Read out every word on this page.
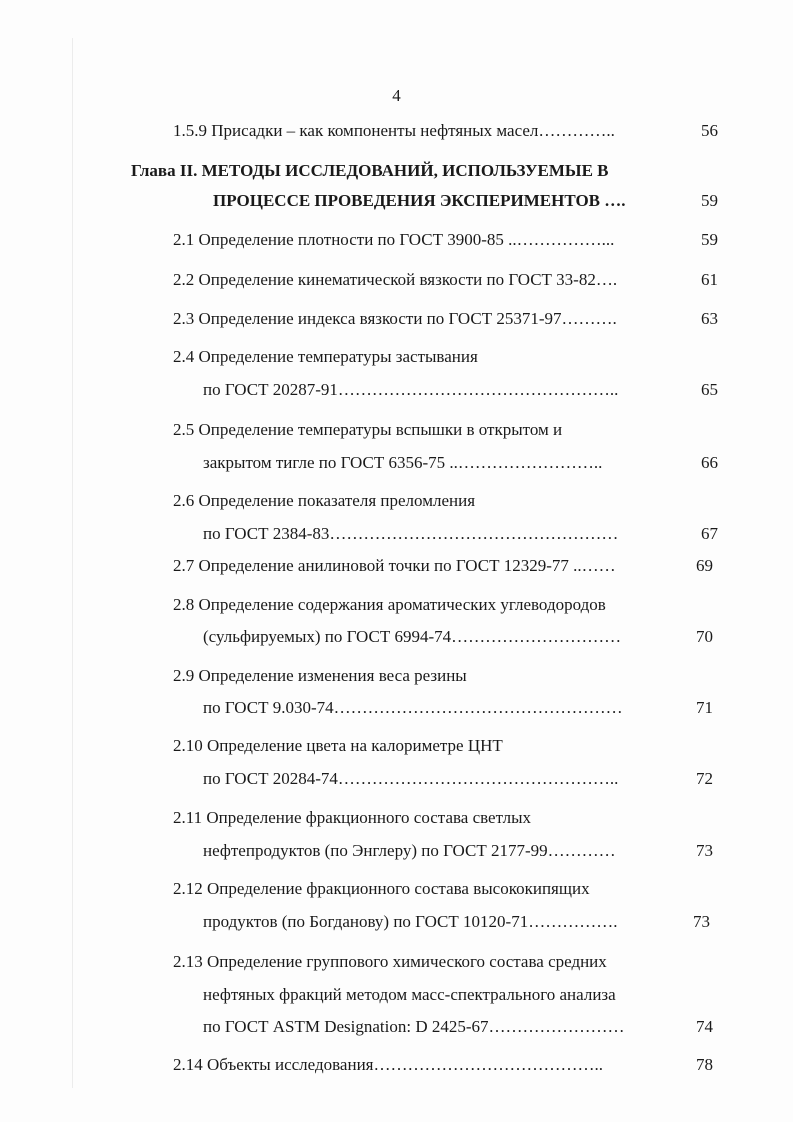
4
1.5.9 Присадки – как компоненты нефтяных масел…………..	56
Глава II. МЕТОДЫ ИССЛЕДОВАНИЙ, ИСПОЛЬЗУЕМЫЕ В
ПРОЦЕССЕ ПРОВЕДЕНИЯ ЭКСПЕРИМЕНТОВ ….	59
2.1 Определение плотности по ГОСТ 3900-85 ..……………...	59
2.2 Определение кинематической вязкости по ГОСТ 33-82….	61
2.3 Определение индекса вязкости по ГОСТ 25371-97……….	63
2.4 Определение температуры застывания
по ГОСТ 20287-91…………………………………………..	65
2.5 Определение температуры вспышки в открытом и
закрытом тигле по ГОСТ 6356-75 ..……………………..	66
2.6 Определение показателя преломления
по ГОСТ 2384-83……………………………………………	67
2.7 Определение анилиновой точки по ГОСТ 12329-77 ..……	69
2.8 Определение содержания ароматических углеводородов
(сульфируемых) по ГОСТ 6994-74…………………………	70
2.9 Определение изменения веса резины
по ГОСТ 9.030-74……………………………………………	71
2.10 Определение цвета на калориметре ЦНТ
по ГОСТ 20284-74…………………………………………..	72
2.11 Определение фракционного состава светлых
нефтепродуктов (по Энглеру) по ГОСТ 2177-99…………	73
2.12 Определение фракционного состава высококипящих
продуктов (по Богданову) по ГОСТ 10120-71…………….	73
2.13 Определение группового химического состава средних
нефтяных фракций методом масс-спектрального анализа
по ГОСТ ASTM Designation: D 2425-67……………………	74
2.14 Объекты исследования…………………………………..	78
